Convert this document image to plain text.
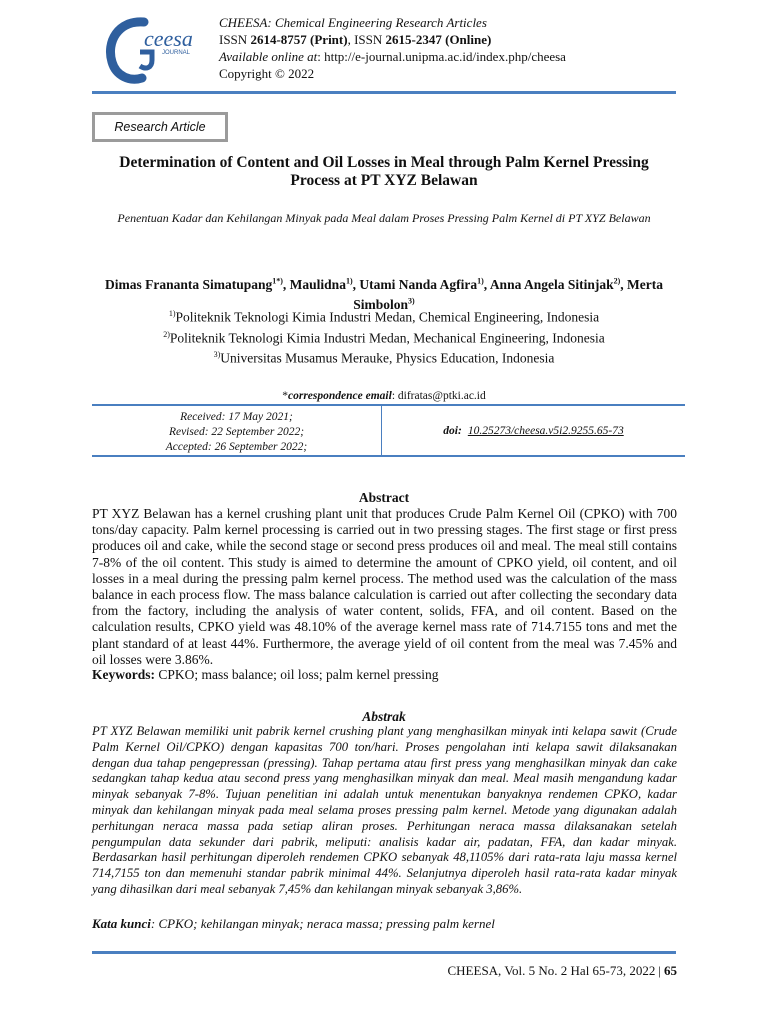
ceesa
JOURNAL
CHEESA: Chemical Engineering Research Articles
ISSN 2614-8757 (Print), ISSN 2615-2347 (Online)
Available online at: http://e-journal.unipma.ac.id/index.php/cheesa
Copyright © 2022
Research Article
Determination of Content and Oil Losses in Meal through Palm Kernel Pressing Process at PT XYZ Belawan
Penentuan Kadar dan Kehilangan Minyak pada Meal dalam Proses Pressing Palm Kernel di PT XYZ Belawan
Dimas Frananta Simatupang$^{1*)}$, Maulidna$^{1)}$, Utami Nanda Agfira$^{1)}$, Anna Angela Sitinjak$^{2)}$, Merta Simbolon$^{3)}$
$^{1)}$Politeknik Teknologi Kimia Industri Medan, Chemical Engineering, Indonesia
$^{2)}$Politeknik Teknologi Kimia Industri Medan, Mechanical Engineering, Indonesia
$^{3)}$Universitas Musamus Merauke, Physics Education, Indonesia
*correspondence email: difratas@ptki.ac.id
Received: 17 May 2021;
Revised: 22 September 2022;
Accepted: 26 September 2022;
doi: 10.25273/cheesa.v5i2.9255.65-73
Abstract
PT XYZ Belawan has a kernel crushing plant unit that produces Crude Palm Kernel Oil (CPKO) with 700 tons/day capacity. Palm kernel processing is carried out in two pressing stages. The first stage or first press produces oil and cake, while the second stage or second press produces oil and meal. The meal still contains 7-8% of the oil content. This study is aimed to determine the amount of CPKO yield, oil content, and oil losses in a meal during the pressing palm kernel process. The method used was the calculation of the mass balance in each process flow. The mass balance calculation is carried out after collecting the secondary data from the factory, including the analysis of water content, solids, FFA, and oil content. Based on the calculation results, CPKO yield was 48.10% of the average kernel mass rate of 714.7155 tons and met the plant standard of at least 44%. Furthermore, the average yield of oil content from the meal was 7.45% and oil losses were 3.86%.
Keywords: CPKO; mass balance; oil loss; palm kernel pressing
Abstrak
PT XYZ Belawan memiliki unit pabrik kernel crushing plant yang menghasilkan minyak inti kelapa sawit (Crude Palm Kernel Oil/CPKO) dengan kapasitas 700 ton/hari. Proses pengolahan inti kelapa sawit dilaksanakan dengan dua tahap pengepressan (pressing). Tahap pertama atau first press yang menghasilkan minyak dan cake sedangkan tahap kedua atau second press yang menghasilkan minyak dan meal. Meal masih mengandung kadar minyak sebanyak 7-8%. Tujuan penelitian ini adalah untuk menentukan banyaknya rendemen CPKO, kadar minyak dan kehilangan minyak pada meal selama proses pressing palm kernel. Metode yang digunakan adalah perhitungan neraca massa pada setiap aliran proses. Perhitungan neraca massa dilaksanakan setelah pengumpulan data sekunder dari pabrik, meliputi: analisis kadar air, padatan, FFA, dan kadar minyak. Berdasarkan hasil perhitungan diperoleh rendemen CPKO sebanyak 48,1105% dari rata-rata laju massa kernel 714,7155 ton dan memenuhi standar pabrik minimal 44%. Selanjutnya diperoleh hasil rata-rata kadar minyak yang dihasilkan dari meal sebanyak 7,45% dan kehilangan minyak sebanyak 3,86%.
Kata kunci: CPKO; kehilangan minyak; neraca massa; pressing palm kernel
CHEESA, Vol. 5 No. 2 Hal 65-73, 2022 | 65
